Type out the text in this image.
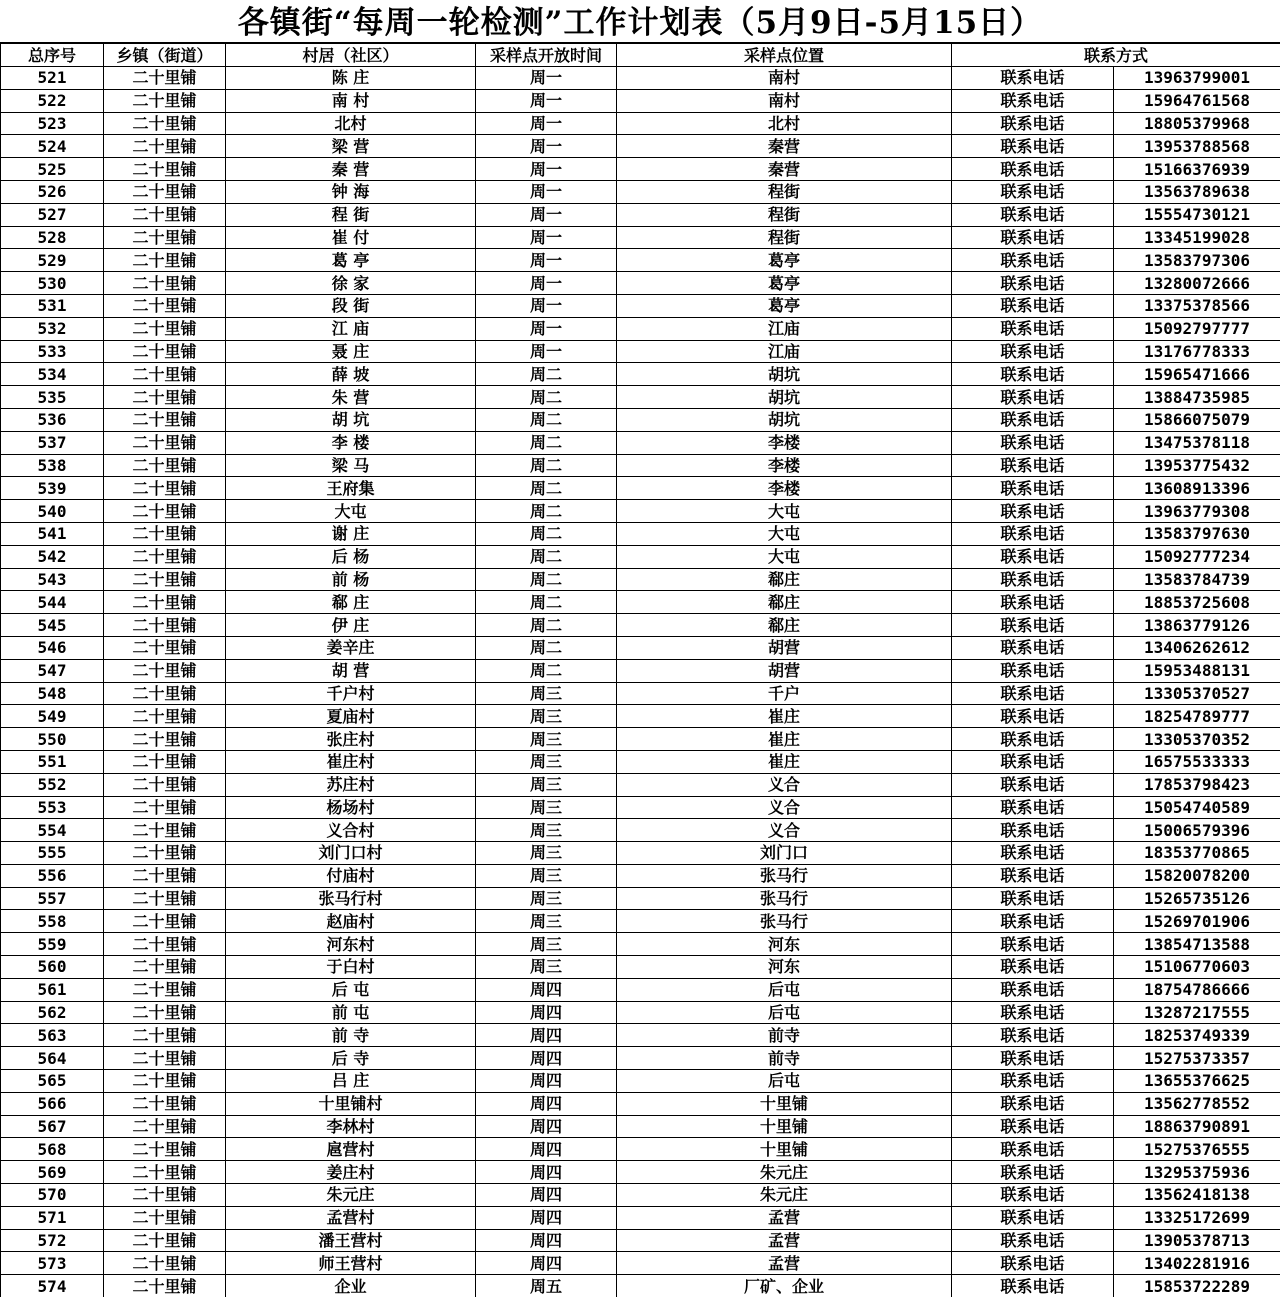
各镇街“每周一轮检测”工作计划表（5月9日-5月15日）
总序号	乡镇（街道）	村居（社区）	采样点开放时间	采样点位置	联系方式	
521	二十里铺	陈 庄	周一	南村	联系电话	13963799001
522	二十里铺	南 村	周一	南村	联系电话	15964761568
523	二十里铺	北村	周一	北村	联系电话	18805379968
524	二十里铺	梁 营	周一	秦营	联系电话	13953788568
525	二十里铺	秦 营	周一	秦营	联系电话	15166376939
526	二十里铺	钟 海	周一	程街	联系电话	13563789638
527	二十里铺	程 街	周一	程街	联系电话	15554730121
528	二十里铺	崔 付	周一	程街	联系电话	13345199028
529	二十里铺	葛 亭	周一	葛亭	联系电话	13583797306
530	二十里铺	徐 家	周一	葛亭	联系电话	13280072666
531	二十里铺	段 街	周一	葛亭	联系电话	13375378566
532	二十里铺	江 庙	周一	江庙	联系电话	15092797777
533	二十里铺	聂 庄	周一	江庙	联系电话	13176778333
534	二十里铺	薛 坡	周二	胡坑	联系电话	15965471666
535	二十里铺	朱 营	周二	胡坑	联系电话	13884735985
536	二十里铺	胡 坑	周二	胡坑	联系电话	15866075079
537	二十里铺	李 楼	周二	李楼	联系电话	13475378118
538	二十里铺	梁 马	周二	李楼	联系电话	13953775432
539	二十里铺	王府集	周二	李楼	联系电话	13608913396
540	二十里铺	大屯	周二	大屯	联系电话	13963779308
541	二十里铺	谢 庄	周二	大屯	联系电话	13583797630
542	二十里铺	后 杨	周二	大屯	联系电话	15092777234
543	二十里铺	前 杨	周二	郗庄	联系电话	13583784739
544	二十里铺	郗 庄	周二	郗庄	联系电话	18853725608
545	二十里铺	伊 庄	周二	郗庄	联系电话	13863779126
546	二十里铺	姜辛庄	周二	胡营	联系电话	13406262612
547	二十里铺	胡 营	周二	胡营	联系电话	15953488131
548	二十里铺	千户村	周三	千户	联系电话	13305370527
549	二十里铺	夏庙村	周三	崔庄	联系电话	18254789777
550	二十里铺	张庄村	周三	崔庄	联系电话	13305370352
551	二十里铺	崔庄村	周三	崔庄	联系电话	16575533333
552	二十里铺	苏庄村	周三	义合	联系电话	17853798423
553	二十里铺	杨场村	周三	义合	联系电话	15054740589
554	二十里铺	义合村	周三	义合	联系电话	15006579396
555	二十里铺	刘门口村	周三	刘门口	联系电话	18353770865
556	二十里铺	付庙村	周三	张马行	联系电话	15820078200
557	二十里铺	张马行村	周三	张马行	联系电话	15265735126
558	二十里铺	赵庙村	周三	张马行	联系电话	15269701906
559	二十里铺	河东村	周三	河东	联系电话	13854713588
560	二十里铺	于白村	周三	河东	联系电话	15106770603
561	二十里铺	后 屯	周四	后屯	联系电话	18754786666
562	二十里铺	前 屯	周四	后屯	联系电话	13287217555
563	二十里铺	前 寺	周四	前寺	联系电话	18253749339
564	二十里铺	后 寺	周四	前寺	联系电话	15275373357
565	二十里铺	吕 庄	周四	后屯	联系电话	13655376625
566	二十里铺	十里铺村	周四	十里铺	联系电话	13562778552
567	二十里铺	李林村	周四	十里铺	联系电话	18863790891
568	二十里铺	扈营村	周四	十里铺	联系电话	15275376555
569	二十里铺	姜庄村	周四	朱元庄	联系电话	13295375936
570	二十里铺	朱元庄	周四	朱元庄	联系电话	13562418138
571	二十里铺	孟营村	周四	孟营	联系电话	13325172699
572	二十里铺	潘王营村	周四	孟营	联系电话	13905378713
573	二十里铺	师王营村	周四	孟营	联系电话	13402281916
574	二十里铺	企业	周五	厂矿、企业	联系电话	15853722289
